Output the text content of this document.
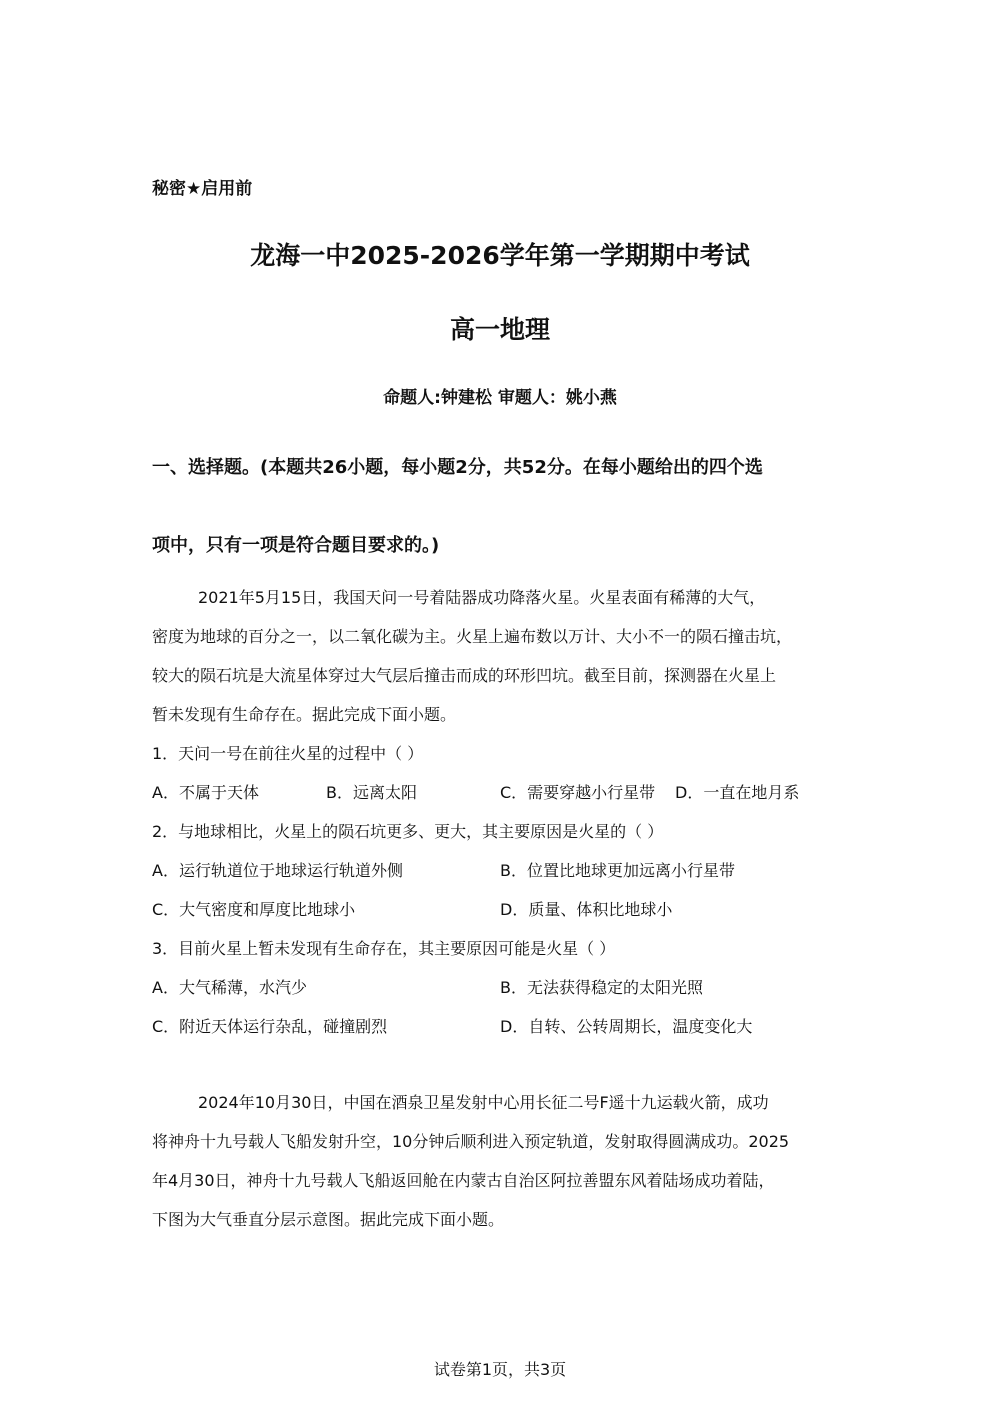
秘密★启用前
龙海一中2025-2026学年第一学期期中考试
高一地理
命题人:钟建松 审题人：姚小燕
一、选择题。(本题共26小题，每小题2分，共52分。在每小题给出的四个选
项中，只有一项是符合题目要求的。)
2021年5月15日，我国天问一号着陆器成功降落火星。火星表面有稀薄的大气，
密度为地球的百分之一，以二氧化碳为主。火星上遍布数以万计、大小不一的陨石撞击坑，
较大的陨石坑是大流星体穿过大气层后撞击而成的环形凹坑。截至目前，探测器在火星上
暂未发现有生命存在。据此完成下面小题。
1．天问一号在前往火星的过程中（ ）
A．不属于天体	B．远离太阳	C．需要穿越小行星带 D．一直在地月系
2．与地球相比，火星上的陨石坑更多、更大，其主要原因是火星的（ ）
A．运行轨道位于地球运行轨道外侧	B．位置比地球更加远离小行星带
C．大气密度和厚度比地球小	D．质量、体积比地球小
3．目前火星上暂未发现有生命存在，其主要原因可能是火星（ ）
A．大气稀薄，水汽少	B．无法获得稳定的太阳光照
C．附近天体运行杂乱，碰撞剧烈	D．自转、公转周期长，温度变化大
2024年10月30日，中国在酒泉卫星发射中心用长征二号F遥十九运载火箭，成功
将神舟十九号载人飞船发射升空，10分钟后顺利进入预定轨道，发射取得圆满成功。2025
年4月30日，神舟十九号载人飞船返回舱在内蒙古自治区阿拉善盟东风着陆场成功着陆，
下图为大气垂直分层示意图。据此完成下面小题。
试卷第1页，共3页
